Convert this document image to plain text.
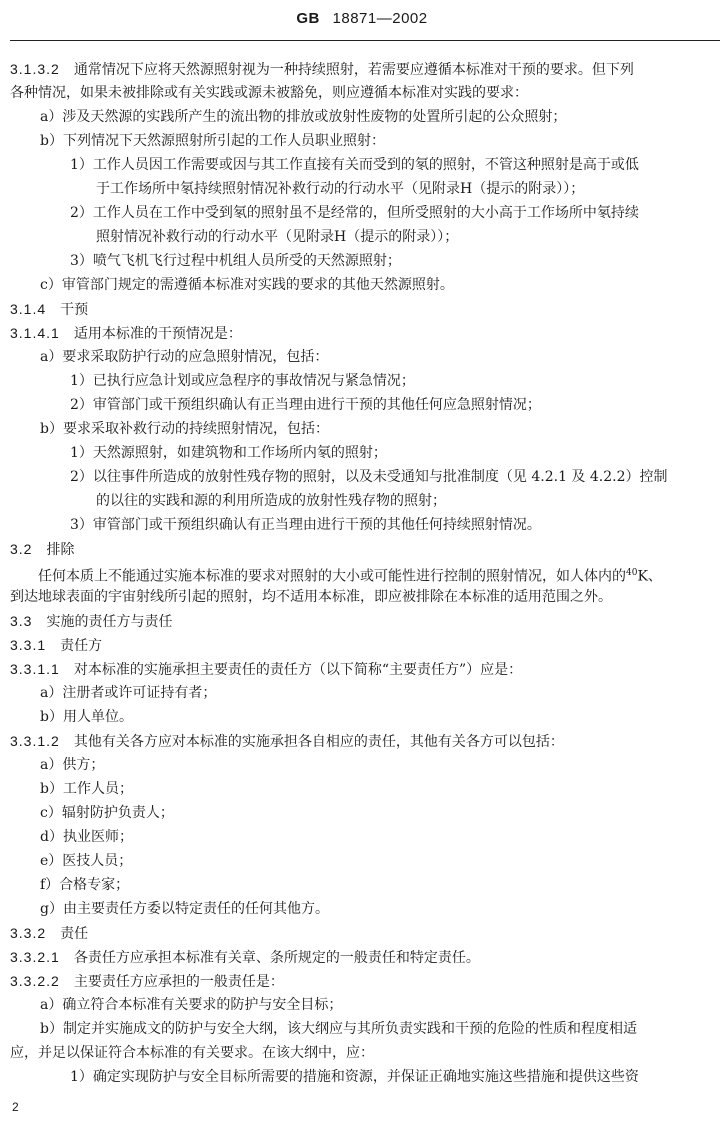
GB 18871—2002
3.1.3.2 通常情况下应将天然源照射视为一种持续照射，若需要应遵循本标准对干预的要求。但下列
各种情况，如果未被排除或有关实践或源未被豁免，则应遵循本标准对实践的要求：
a）涉及天然源的实践所产生的流出物的排放或放射性废物的处置所引起的公众照射；
b）下列情况下天然源照射所引起的工作人员职业照射：
1）工作人员因工作需要或因与其工作直接有关而受到的氡的照射，不管这种照射是高于或低
于工作场所中氡持续照射情况补救行动的行动水平（见附录H（提示的附录））；
2）工作人员在工作中受到氡的照射虽不是经常的，但所受照射的大小高于工作场所中氡持续
照射情况补救行动的行动水平（见附录H（提示的附录））；
3）喷气飞机飞行过程中机组人员所受的天然源照射；
c）审管部门规定的需遵循本标准对实践的要求的其他天然源照射。
3.1.4 干预
3.1.4.1 适用本标准的干预情况是：
a）要求采取防护行动的应急照射情况，包括：
1）已执行应急计划或应急程序的事故情况与紧急情况；
2）审管部门或干预组织确认有正当理由进行干预的其他任何应急照射情况；
b）要求采取补救行动的持续照射情况，包括：
1）天然源照射，如建筑物和工作场所内氡的照射；
2）以往事件所造成的放射性残存物的照射，以及未受通知与批准制度（见 4.2.1 及 4.2.2）控制
的以往的实践和源的利用所造成的放射性残存物的照射；
3）审管部门或干预组织确认有正当理由进行干预的其他任何持续照射情况。
3.2 排除
任何本质上不能通过实施本标准的要求对照射的大小或可能性进行控制的照射情况，如人体内的$^{40}$K、
到达地球表面的宇宙射线所引起的照射，均不适用本标准，即应被排除在本标准的适用范围之外。
3.3 实施的责任方与责任
3.3.1 责任方
3.3.1.1 对本标准的实施承担主要责任的责任方（以下简称“主要责任方”）应是：
a）注册者或许可证持有者；
b）用人单位。
3.3.1.2 其他有关各方应对本标准的实施承担各自相应的责任，其他有关各方可以包括：
a）供方；
b）工作人员；
c）辐射防护负责人；
d）执业医师；
e）医技人员；
f）合格专家；
g）由主要责任方委以特定责任的任何其他方。
3.3.2 责任
3.3.2.1 各责任方应承担本标准有关章、条所规定的一般责任和特定责任。
3.3.2.2 主要责任方应承担的一般责任是：
a）确立符合本标准有关要求的防护与安全目标；
b）制定并实施成文的防护与安全大纲，该大纲应与其所负责实践和干预的危险的性质和程度相适
应，并足以保证符合本标准的有关要求。在该大纲中，应：
1）确定实现防护与安全目标所需要的措施和资源，并保证正确地实施这些措施和提供这些资
2
